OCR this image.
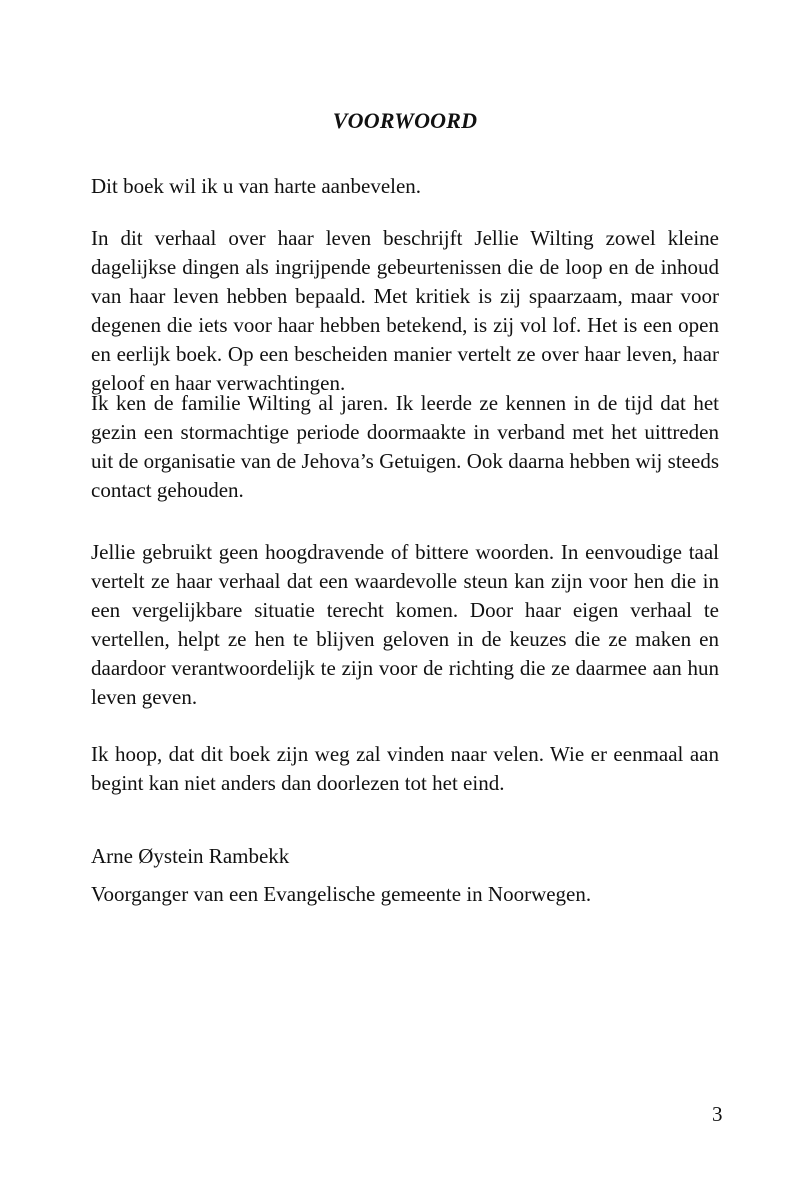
VOORWOORD

Dit boek wil ik u van harte aanbevelen.

In dit verhaal over haar leven beschrijft Jellie Wilting zowel kleine dagelijkse dingen als ingrijpende gebeurtenissen die de loop en de inhoud van haar leven hebben bepaald. Met kritiek is zij spaarzaam, maar voor degenen die iets voor haar hebben betekend, is zij vol lof. Het is een open en eerlijk boek. Op een bescheiden manier vertelt ze over haar leven, haar geloof en haar verwachtingen.

Ik ken de familie Wilting al jaren. Ik leerde ze kennen in de tijd dat het gezin een stormachtige periode doormaakte in verband met het uittreden uit de organisatie van de Jehova’s Getuigen. Ook daarna hebben wij steeds contact gehouden.

Jellie gebruikt geen hoogdravende of bittere woorden. In eenvoudige taal vertelt ze haar verhaal dat een waardevolle steun kan zijn voor hen die in een vergelijkbare situatie terecht komen. Door haar eigen verhaal te vertellen, helpt ze hen te blijven geloven in de keuzes die ze maken en daardoor verantwoordelijk te zijn voor de richting die ze daarmee aan hun leven geven.

Ik hoop, dat dit boek zijn weg zal vinden naar velen. Wie er eenmaal aan begint kan niet anders dan doorlezen tot het eind.

Arne Øystein Rambekk

Voorganger van een Evangelische gemeente in Noorwegen.

3
